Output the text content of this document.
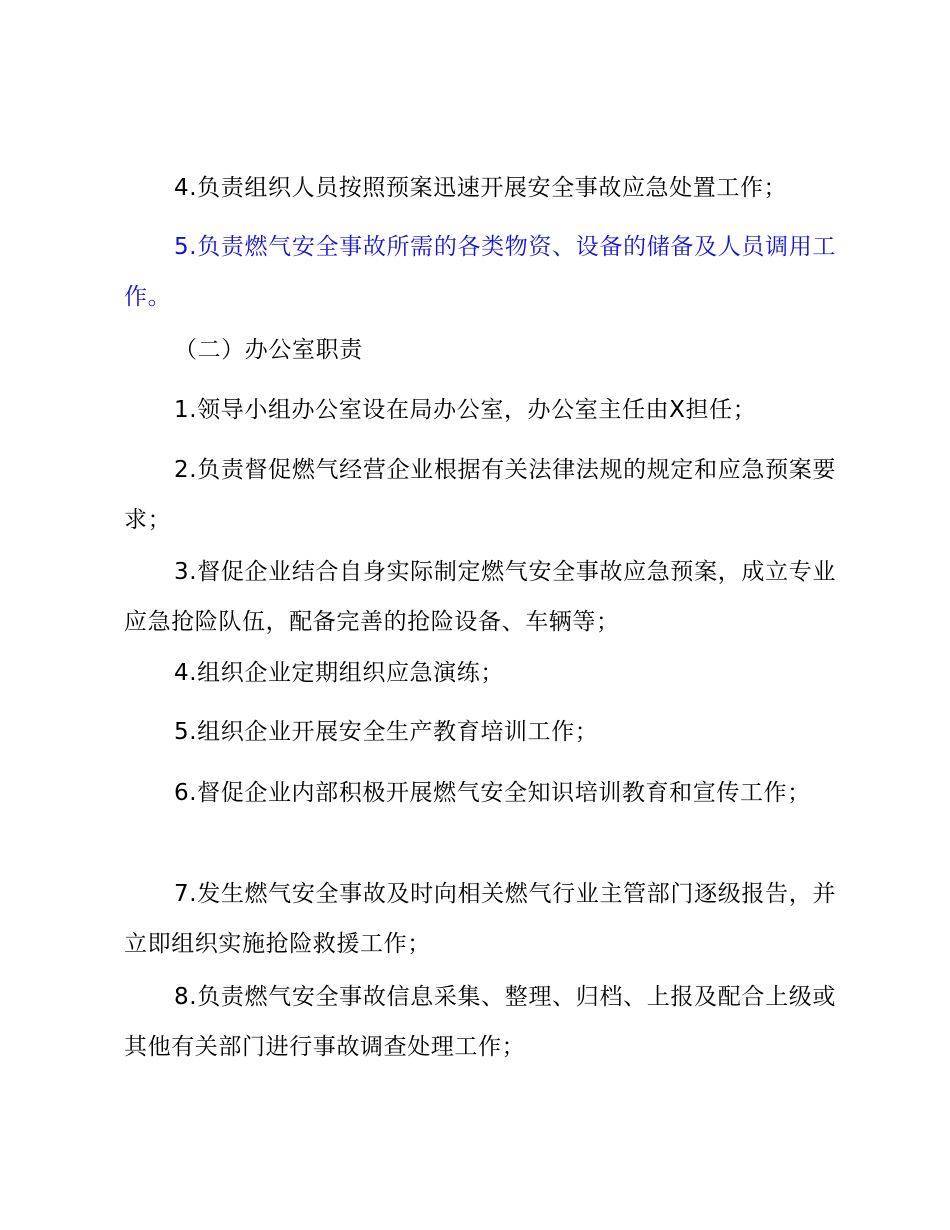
4.负责组织人员按照预案迅速开展安全事故应急处置工作；

5.负责燃气安全事故所需的各类物资、设备的储备及人员调用工作。

（二）办公室职责

1.领导小组办公室设在局办公室，办公室主任由X担任；

2.负责督促燃气经营企业根据有关法律法规的规定和应急预案要求；

3.督促企业结合自身实际制定燃气安全事故应急预案，成立专业应急抢险队伍，配备完善的抢险设备、车辆等；

4.组织企业定期组织应急演练；

5.组织企业开展安全生产教育培训工作；

6.督促企业内部积极开展燃气安全知识培训教育和宣传工作；

7.发生燃气安全事故及时向相关燃气行业主管部门逐级报告，并立即组织实施抢险救援工作；

8.负责燃气安全事故信息采集、整理、归档、上报及配合上级或其他有关部门进行事故调查处理工作；
